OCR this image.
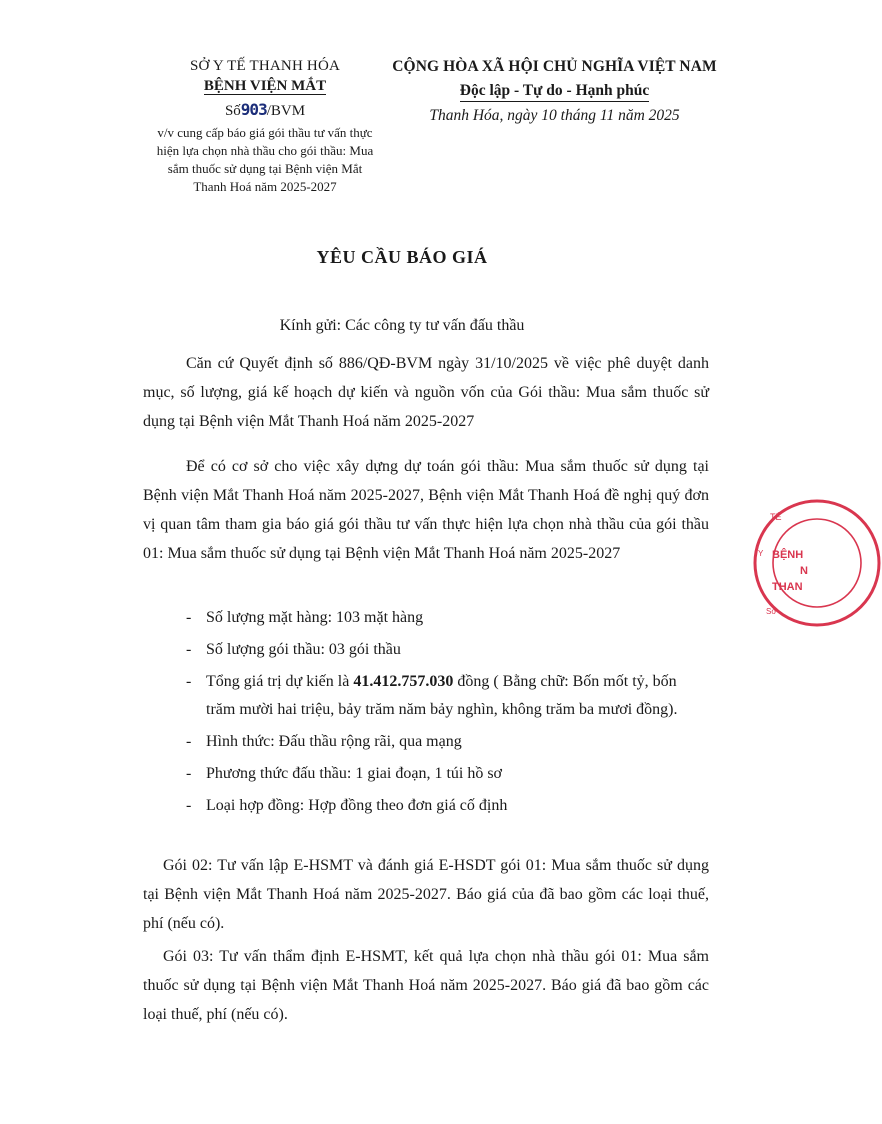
SỞ Y TẾ THANH HÓA
BỆNH VIỆN MẮT
Số903/BVM
v/v cung cấp báo giá gói thầu tư vấn thực hiện lựa chọn nhà thầu cho gói thầu: Mua sắm thuốc sử dụng tại Bệnh viện Mắt Thanh Hoá năm 2025-2027
CỘNG HÒA XÃ HỘI CHỦ NGHĨA VIỆT NAM
Độc lập - Tự do - Hạnh phúc
Thanh Hóa, ngày 10 tháng 11 năm 2025
YÊU CẦU BÁO GIÁ
Kính gửi: Các công ty tư vấn đấu thầu
Căn cứ Quyết định số 886/QĐ-BVM ngày 31/10/2025 về việc phê duyệt danh mục, số lượng, giá kế hoạch dự kiến và nguồn vốn của Gói thầu: Mua sắm thuốc sử dụng tại Bệnh viện Mắt Thanh Hoá năm 2025-2027
Để có cơ sở cho việc xây dựng dự toán gói thầu: Mua sắm thuốc sử dụng tại Bệnh viện Mắt Thanh Hoá năm 2025-2027, Bệnh viện Mắt Thanh Hoá đề nghị quý đơn vị quan tâm tham gia báo giá gói thầu tư vấn thực hiện lựa chọn nhà thầu của gói thầu 01: Mua sắm thuốc sử dụng tại Bệnh viện Mắt Thanh Hoá năm 2025-2027
- Số lượng mặt hàng: 103 mặt hàng
- Số lượng gói thầu: 03 gói thầu
- Tổng giá trị dự kiến là 41.412.757.030 đồng ( Bằng chữ: Bốn mốt tỷ, bốn trăm mười hai triệu, bảy trăm năm bảy nghìn, không trăm ba mươi đồng).
- Hình thức: Đấu thầu rộng rãi, qua mạng
- Phương thức đấu thầu: 1 giai đoạn, 1 túi hồ sơ
- Loại hợp đồng: Hợp đồng theo đơn giá cố định
Gói 02: Tư vấn lập E-HSMT và đánh giá E-HSDT gói 01: Mua sắm thuốc sử dụng tại Bệnh viện Mắt Thanh Hoá năm 2025-2027. Báo giá của đã bao gồm các loại thuế, phí (nếu có).
Gói 03: Tư vấn thẩm định E-HSMT, kết quả lựa chọn nhà thầu gói 01: Mua sắm thuốc sử dụng tại Bệnh viện Mắt Thanh Hoá năm 2025-2027. Báo giá đã bao gồm các loại thuế, phí (nếu có).
BỆNH
N
THAN
Y
TẾ
Sở
